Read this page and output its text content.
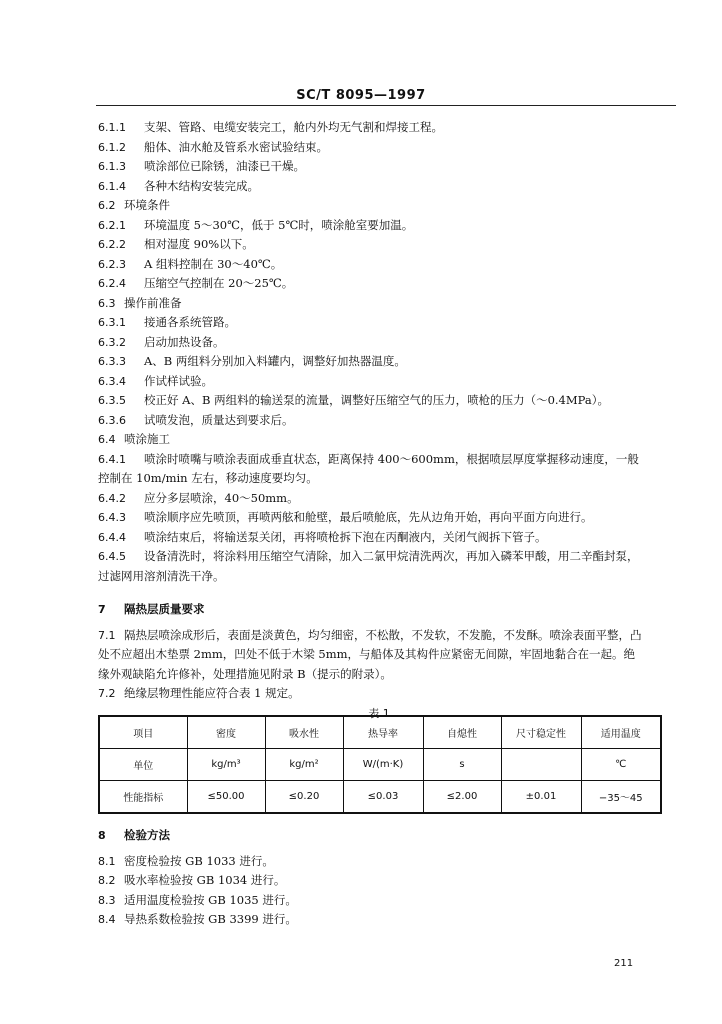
SC/T 8095—1997
6.1.1 支架、管路、电缆安装完工，舱内外均无气割和焊接工程。
6.1.2 船体、油水舱及管系水密试验结束。
6.1.3 喷涂部位已除锈，油漆已干燥。
6.1.4 各种木结构安装完成。
6.2 环境条件
6.2.1 环境温度 5～30℃，低于 5℃时，喷涂舱室要加温。
6.2.2 相对湿度 90%以下。
6.2.3 A 组料控制在 30～40℃。
6.2.4 压缩空气控制在 20～25℃。
6.3 操作前准备
6.3.1 接通各系统管路。
6.3.2 启动加热设备。
6.3.3 A、B 两组料分别加入料罐内，调整好加热器温度。
6.3.4 作试样试验。
6.3.5 校正好 A、B 两组料的输送泵的流量，调整好压缩空气的压力，喷枪的压力（～0.4MPa）。
6.3.6 试喷发泡，质量达到要求后。
6.4 喷涂施工
6.4.1 喷涂时喷嘴与喷涂表面成垂直状态，距离保持 400～600mm，根据喷层厚度掌握移动速度，一般
控制在 10m/min 左右，移动速度要均匀。
6.4.2 应分多层喷涂，40～50mm。
6.4.3 喷涂顺序应先喷顶，再喷两舷和舱壁，最后喷舱底，先从边角开始，再向平面方向进行。
6.4.4 喷涂结束后，将输送泵关闭，再将喷枪拆下泡在丙酮液内，关闭气阀拆下管子。
6.4.5 设备清洗时，将涂料用压缩空气清除，加入二氯甲烷清洗两次，再加入磷苯甲酸，用二辛酯封泵，
过滤网用溶剂清洗干净。
7 隔热层质量要求
7.1 隔热层喷涂成形后，表面是淡黄色，均匀细密，不松散，不发软，不发脆，不发酥。喷涂表面平整，凸
处不应超出木垫票 2mm，凹处不低于木梁 5mm，与船体及其构件应紧密无间隙，牢固地黏合在一起。绝
缘外观缺陷允许修补，处理措施见附录 B（提示的附录）。
7.2 绝缘层物理性能应符合表 1 规定。
表 1
项目	密度	吸水性	热导率	自熄性	尺寸稳定性	适用温度
单位	kg/m³	kg/m²	W/(m·K)	s		℃
性能指标	≤50.00	≤0.20	≤0.03	≤2.00	±0.01	−35～45
8 检验方法
8.1 密度检验按 GB 1033 进行。
8.2 吸水率检验按 GB 1034 进行。
8.3 适用温度检验按 GB 1035 进行。
8.4 导热系数检验按 GB 3399 进行。
211
